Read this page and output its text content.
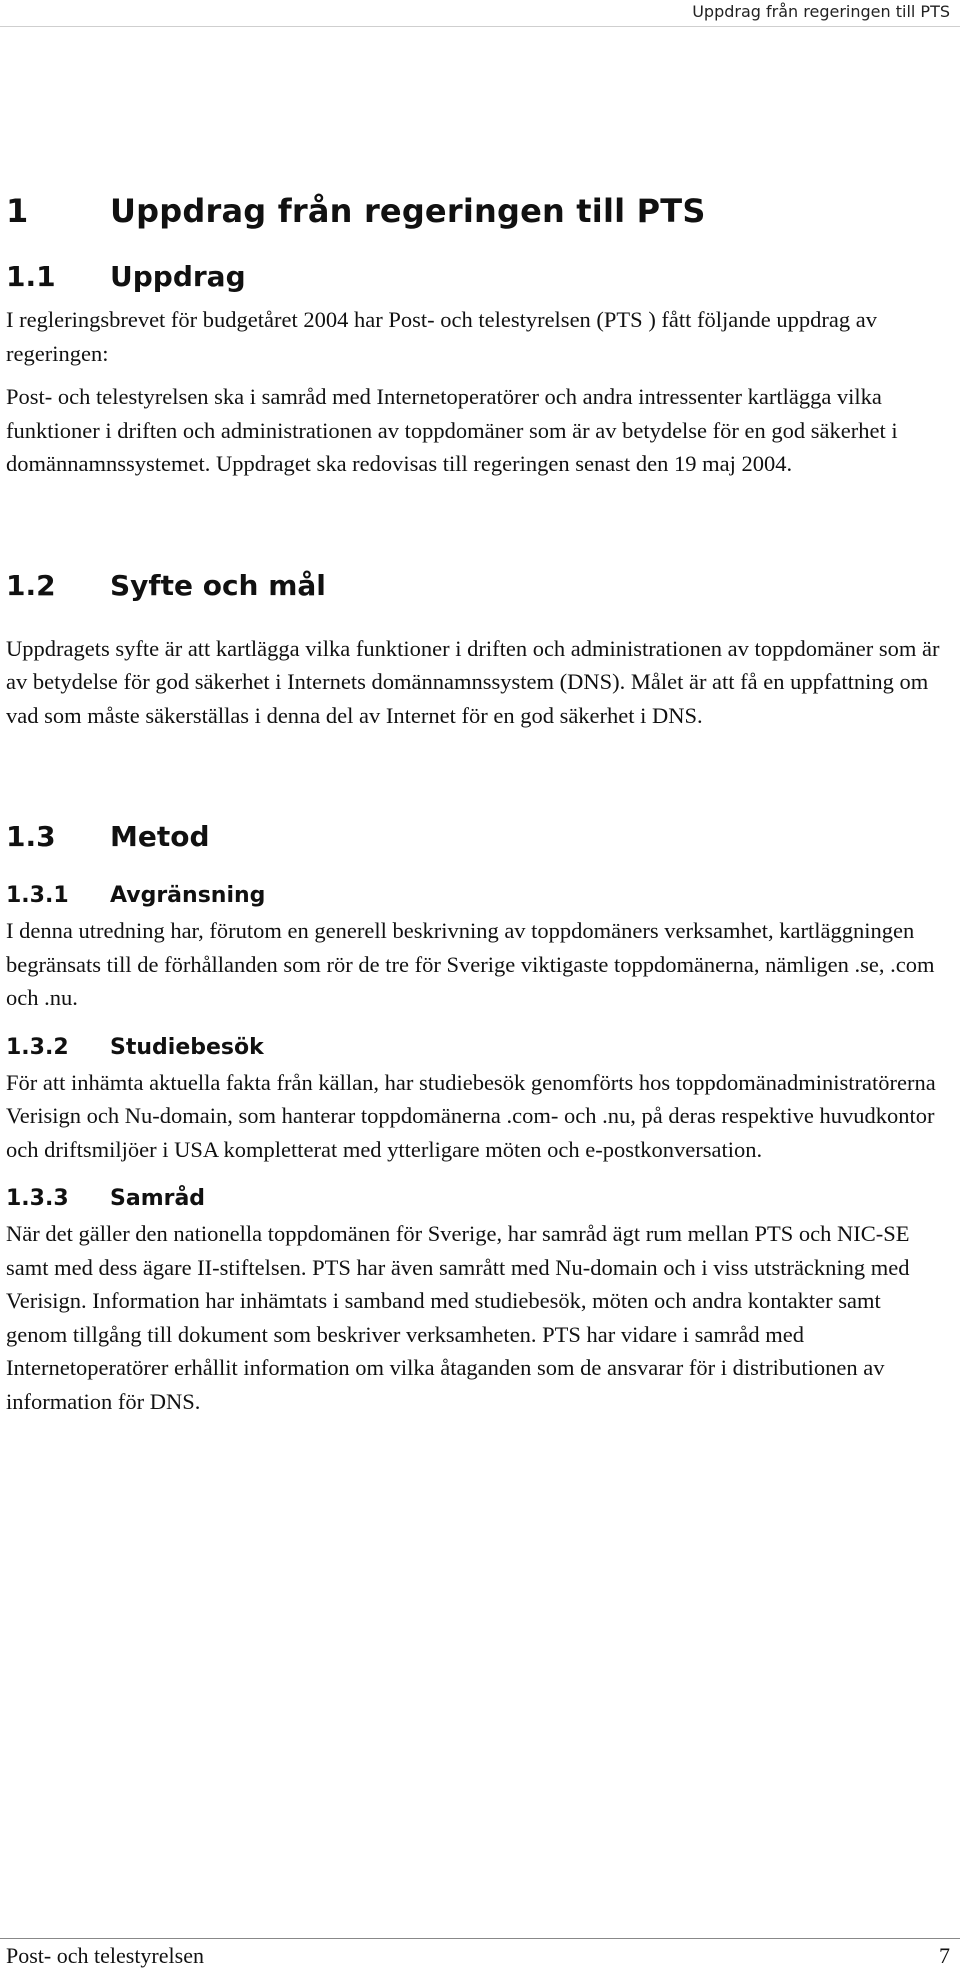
Uppdrag från regeringen till PTS
1	Uppdrag från regeringen till PTS
1.1 Uppdrag

I regleringsbrevet för budgetåret 2004 har Post- och telestyrelsen (PTS ) fått följande uppdrag av regeringen:

Post- och telestyrelsen ska i samråd med Internetoperatörer och andra intressenter kartlägga vilka funktioner i driften och administrationen av toppdomäner som är av betydelse för en god säkerhet i domännamnssystemet. Uppdraget ska redovisas till regeringen senast den 19 maj 2004.

1.2 Syfte och mål

Uppdragets syfte är att kartlägga vilka funktioner i driften och administrationen av toppdomäner som är av betydelse för god säkerhet i Internets domännamnssystem (DNS). Målet är att få en uppfattning om vad som måste säkerställas i denna del av Internet för en god säkerhet i DNS.

1.3 Metod
1.3.1 Avgränsning

I denna utredning har, förutom en generell beskrivning av toppdomäners verksamhet, kartläggningen begränsats till de förhållanden som rör de tre för Sverige viktigaste toppdomänerna, nämligen .se, .com och .nu.

1.3.2 Studiebesök

För att inhämta aktuella fakta från källan, har studiebesök genomförts hos toppdomänadministratörerna Verisign och Nu-domain, som hanterar toppdomänerna .com- och .nu, på deras respektive huvudkontor och driftsmiljöer i USA kompletterat med ytterligare möten och e-postkonversation.

1.3.3 Samråd

När det gäller den nationella toppdomänen för Sverige, har samråd ägt rum mellan PTS och NIC-SE samt med dess ägare II-stiftelsen. PTS har även samrått med Nu-domain och i viss utsträckning med Verisign. Information har inhämtats i samband med studiebesök, möten och andra kontakter samt genom tillgång till dokument som beskriver verksamheten. PTS har vidare i samråd med Internetoperatörer erhållit information om vilka åtaganden som de ansvarar för i distributionen av information för DNS.

Post- och telestyrelsen	7
